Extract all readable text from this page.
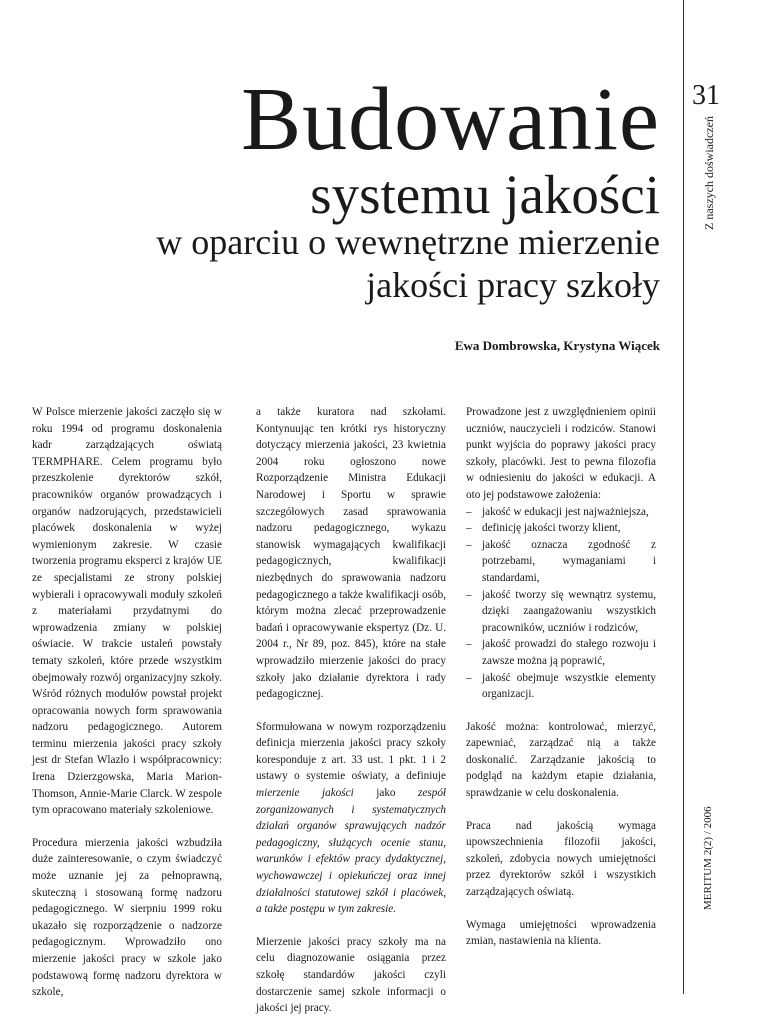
31
Z naszych doświadczeń
MERITUM 2(2) / 2006
Budowanie
systemu jakości
w oparciu o wewnętrzne mierzenie
jakości pracy szkoły
Ewa Dombrowska, Krystyna Wiącek

W Polsce mierzenie jakości zaczęło się w roku 1994 od programu doskonalenia kadr zarządzających oświatą TERMPHARE. Celem programu było przeszkolenie dyrektorów szkół, pracowników organów prowadzących i organów nadzorujących, przedstawicieli placówek doskonalenia w wyżej wymienionym zakresie. W czasie tworzenia programu eksperci z krajów UE ze specjalistami ze strony polskiej wybierali i opracowywali moduły szkoleń z materiałami przydatnymi do wprowadzenia zmiany w polskiej oświacie. W trakcie ustaleń powstały tematy szkoleń, które przede wszystkim obejmowały rozwój organizacyjny szkoły. Wśród różnych modułów powstał projekt opracowania nowych form sprawowania nadzoru pedagogicznego. Autorem terminu mierzenia jakości pracy szkoły jest dr Stefan Wlazło i współpracownicy: Irena Dzierzgowska, Maria Marion-Thomson, Annie-Marie Clarck. W zespole tym opracowano materiały szkoleniowe.

Procedura mierzenia jakości wzbudziła duże zainteresowanie, o czym świadczyć może uznanie jej za pełnoprawną, skuteczną i stosowaną formę nadzoru pedagogicznego. W sierpniu 1999 roku ukazało się rozporządzenie o nadzorze pedagogicznym. Wprowadziło ono mierzenie jakości pracy w szkole jako podstawową formę nadzoru dyrektora w szkole,

a także kuratora nad szkołami. Kontynuując ten krótki rys historyczny dotyczący mierzenia jakości, 23 kwietnia 2004 roku ogłoszono nowe Rozporządzenie Ministra Edukacji Narodowej i Sportu w sprawie szczegółowych zasad sprawowania nadzoru pedagogicznego, wykazu stanowisk wymagających kwalifikacji pedagogicznych, kwalifikacji niezbędnych do sprawowania nadzoru pedagogicznego a także kwalifikacji osób, którym można zlecać przeprowadzenie badań i opracowywanie ekspertyz (Dz. U. 2004 r., Nr 89, poz. 845), które na stałe wprowadziło mierzenie jakości do pracy szkoły jako działanie dyrektora i rady pedagogicznej.

Sformułowana w nowym rozporządzeniu definicja mierzenia jakości pracy szkoły koresponduje z art. 33 ust. 1 pkt. 1 i 2 ustawy o systemie oświaty, a definiuje mierzenie jakości jako zespół zorganizowanych i systematycznych działań organów sprawujących nadzór pedagogiczny, służących ocenie stanu, warunków i efektów pracy dydaktycznej, wychowawczej i opiekuńczej oraz innej działalności statutowej szkół i placówek, a także postępu w tym zakresie.

Mierzenie jakości pracy szkoły ma na celu diagnozowanie osiągania przez szkołę standardów jakości czyli dostarczenie samej szkole informacji o jakości jej pracy.

Prowadzone jest z uwzględnieniem opinii uczniów, nauczycieli i rodziców. Stanowi punkt wyjścia do poprawy jakości pracy szkoły, placówki. Jest to pewna filozofia w odniesieniu do jakości w edukacji. A oto jej podstawowe założenia:

– jakość w edukacji jest najważniejsza,
– definicję jakości tworzy klient,
– jakość oznacza zgodność z potrzebami, wymaganiami i standardami,
– jakość tworzy się wewnątrz systemu, dzięki zaangażowaniu wszystkich pracowników, uczniów i rodziców,
– jakość prowadzi do stałego rozwoju i zawsze można ją poprawić,
– jakość obejmuje wszystkie elementy organizacji.

Jakość można: kontrolować, mierzyć, zapewniać, zarządzać nią a także doskonalić. Zarządzanie jakością to podgląd na każdym etapie działania, sprawdzanie w celu doskonalenia.

Praca nad jakością wymaga upowszechnienia filozofii jakości, szkoleń, zdobycia nowych umiejętności przez dyrektorów szkół i wszystkich zarządzających oświatą.

Wymaga umiejętności wprowadzenia zmian, nastawienia na klienta.
